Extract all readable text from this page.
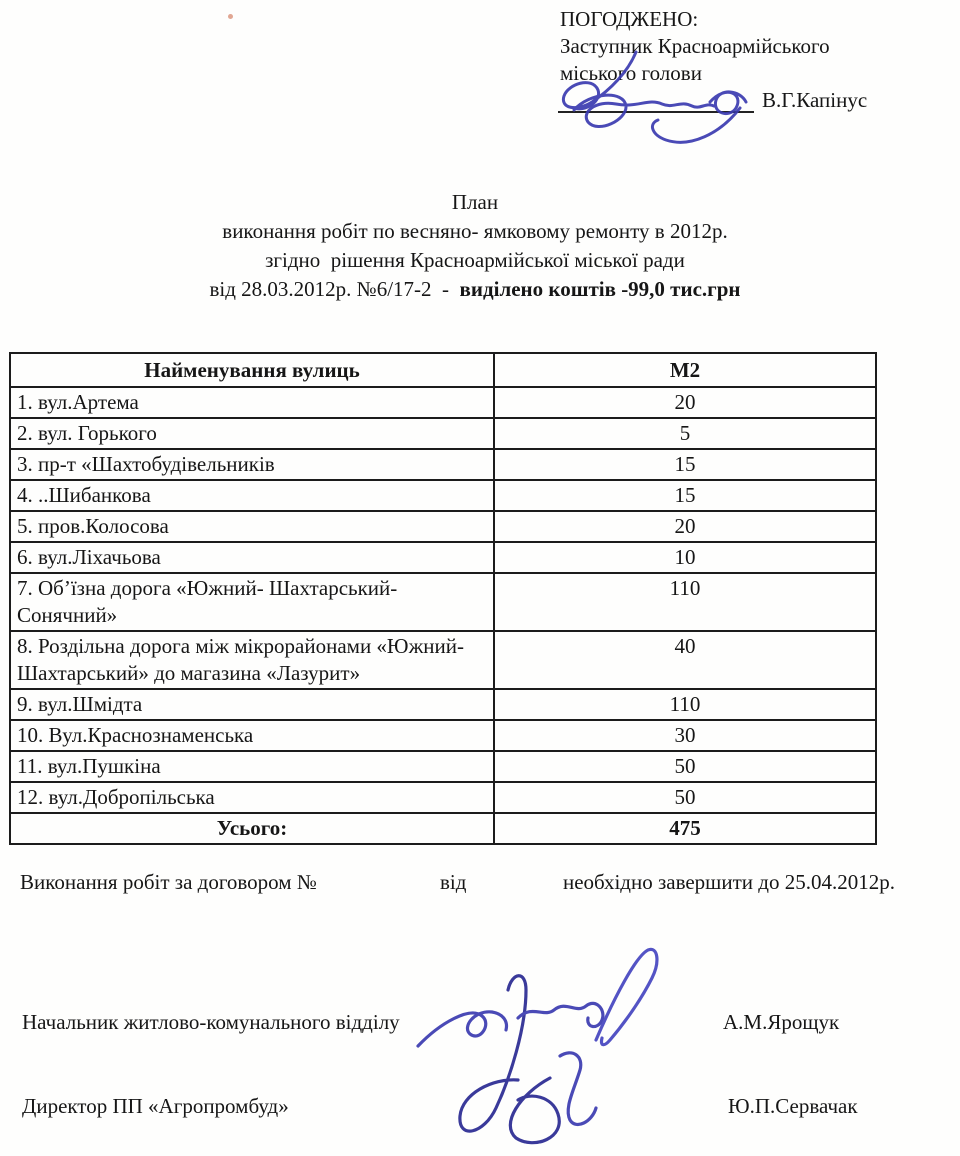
ПОГОДЖЕНО:
Заступник Красноармійського
міського голови
В.Г.Капінус
План
виконання робіт по весняно- ямковому ремонту в 2012р.
згідно  рішення Красноармійської міської ради
від 28.03.2012р. №6/17-2  -  виділено коштів -99,0 тис.грн
Найменування вулиць	М2
1. вул.Артема	20
2. вул. Горького	5
3. пр-т «Шахтобудівельників	15
4. ..Шибанкова	15
5. пров.Колосова	20
6. вул.Ліхачьова	10
7. Об’їзна дорога «Южний- Шахтарський-Сонячний»	110
8. Роздільна дорога між мікрорайонами «Южний-Шахтарський» до магазина «Лазурит»	40
9. вул.Шмідта	110
10. Вул.Краснознаменська	30
11. вул.Пушкіна	50
12. вул.Добропільська	50
Усього:	475
Виконання робіт за договором №	від	необхідно завершити до 25.04.2012р.
Начальник житлово-комунального відділу	А.М.Ярощук
Директор ПП «Агропромбуд»	Ю.П.Сервачак
